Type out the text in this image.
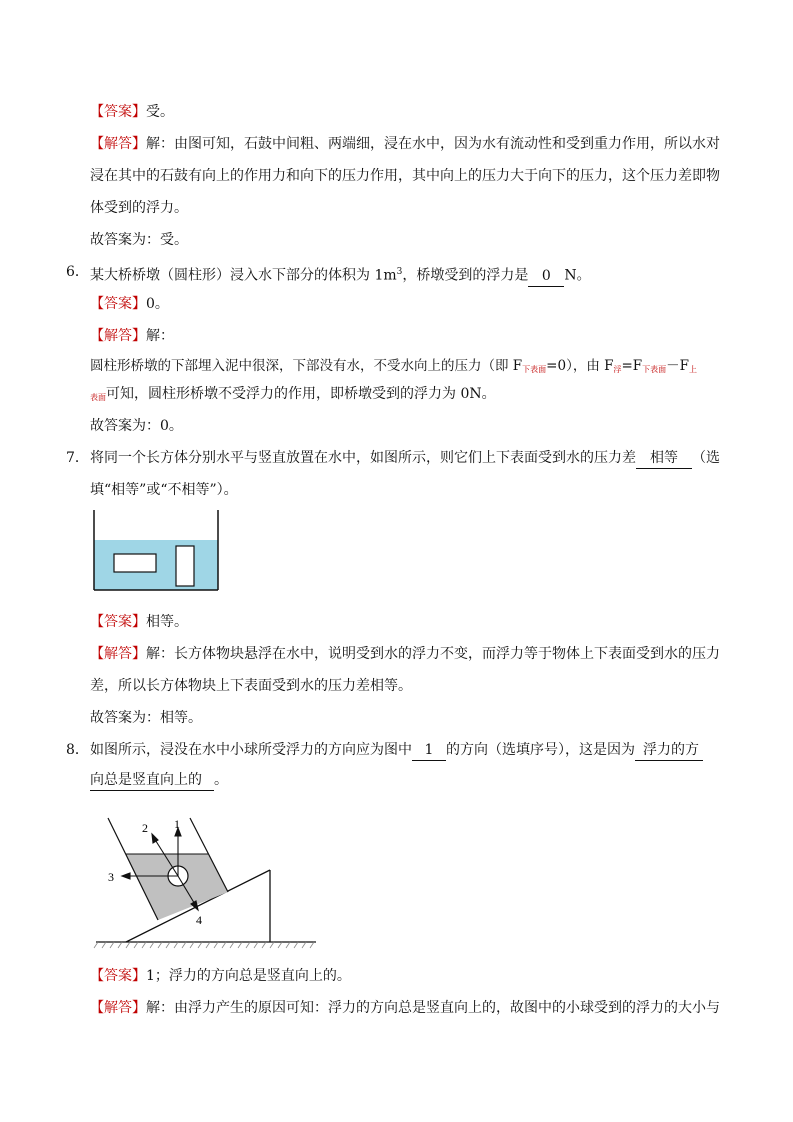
【答案】受。
【解答】解：由图可知，石鼓中间粗、两端细，浸在水中，因为水有流动性和受到重力作用，所以水对
浸在其中的石鼓有向上的作用力和向下的压力作用，其中向上的压力大于向下的压力，这个压力差即物
体受到的浮力。
故答案为：受。
6． 某大桥桥墩（圆柱形）浸入水下部分的体积为 $1m^3$，桥墩受到的浮力是 0 N。
【答案】0。
【解答】解：
圆柱形桥墩的下部埋入泥中很深，下部没有水，不受水向上的压力（即 $F_{下表面}=0$），由 $F_浮=F_{下表面}-F_上$
$_{表面}$可知，圆柱形桥墩不受浮力的作用，即桥墩受到的浮力为 0N。
故答案为：0。
7． 将同一个长方体分别水平与竖直放置在水中，如图所示，则它们上下表面受到水的压力差 相等 （选
填“相等”或“不相等”）。
【答案】相等。
【解答】解：长方体物块悬浮在水中，说明受到水的浮力不变，而浮力等于物体上下表面受到水的压力
差，所以长方体物块上下表面受到水的压力差相等。
故答案为：相等。
8． 如图所示，浸没在水中小球所受浮力的方向应为图中 1 的方向（选填序号），这是因为 浮力的方
向总是竖直向上的 。
1
2
3
4
【答案】1；浮力的方向总是竖直向上的。
【解答】解：由浮力产生的原因可知：浮力的方向总是竖直向上的，故图中的小球受到的浮力的大小与
